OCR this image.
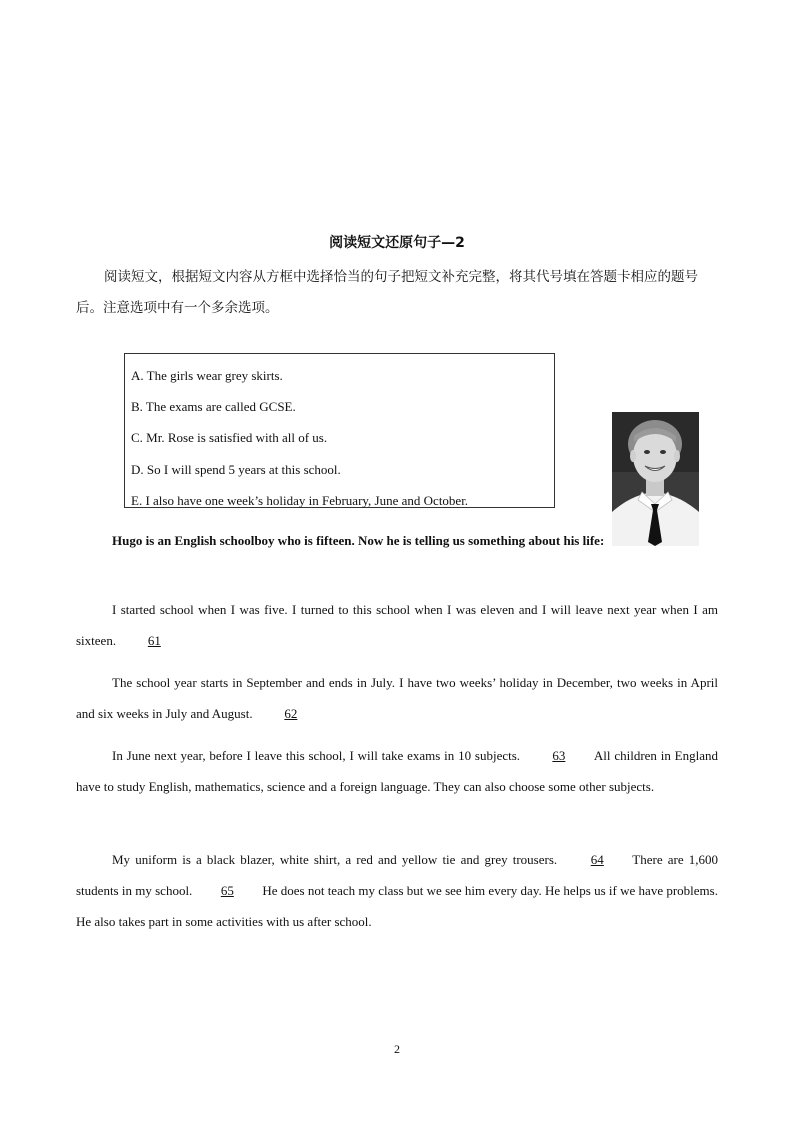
阅读短文还原句子—2
阅读短文，根据短文内容从方框中选择恰当的句子把短文补充完整，将其代号填在答题卡相应的题号后。注意选项中有一个多余选项。
A. The girls wear grey skirts.
B. The exams are called GCSE.
C. Mr. Rose is satisfied with all of us.
D. So I will spend 5 years at this school.
E. I also have one week’s holiday in February, June and October.
Hugo is an English schoolboy who is fifteen. Now he is telling us something about his life:
I started school when I was five. I turned to this school when I was eleven and I will leave next year when I am sixteen. 61
The school year starts in September and ends in July. I have two weeks’ holiday in December, two weeks in April and six weeks in July and August. 62
In June next year, before I leave this school, I will take exams in 10 subjects. 63 All children in England have to study English, mathematics, science and a foreign language. They can also choose some other subjects.
My uniform is a black blazer, white shirt, a red and yellow tie and grey trousers. 64 There are 1,600 students in my school. 65 He does not teach my class but we see him every day. He helps us if we have problems. He also takes part in some activities with us after school.
2
